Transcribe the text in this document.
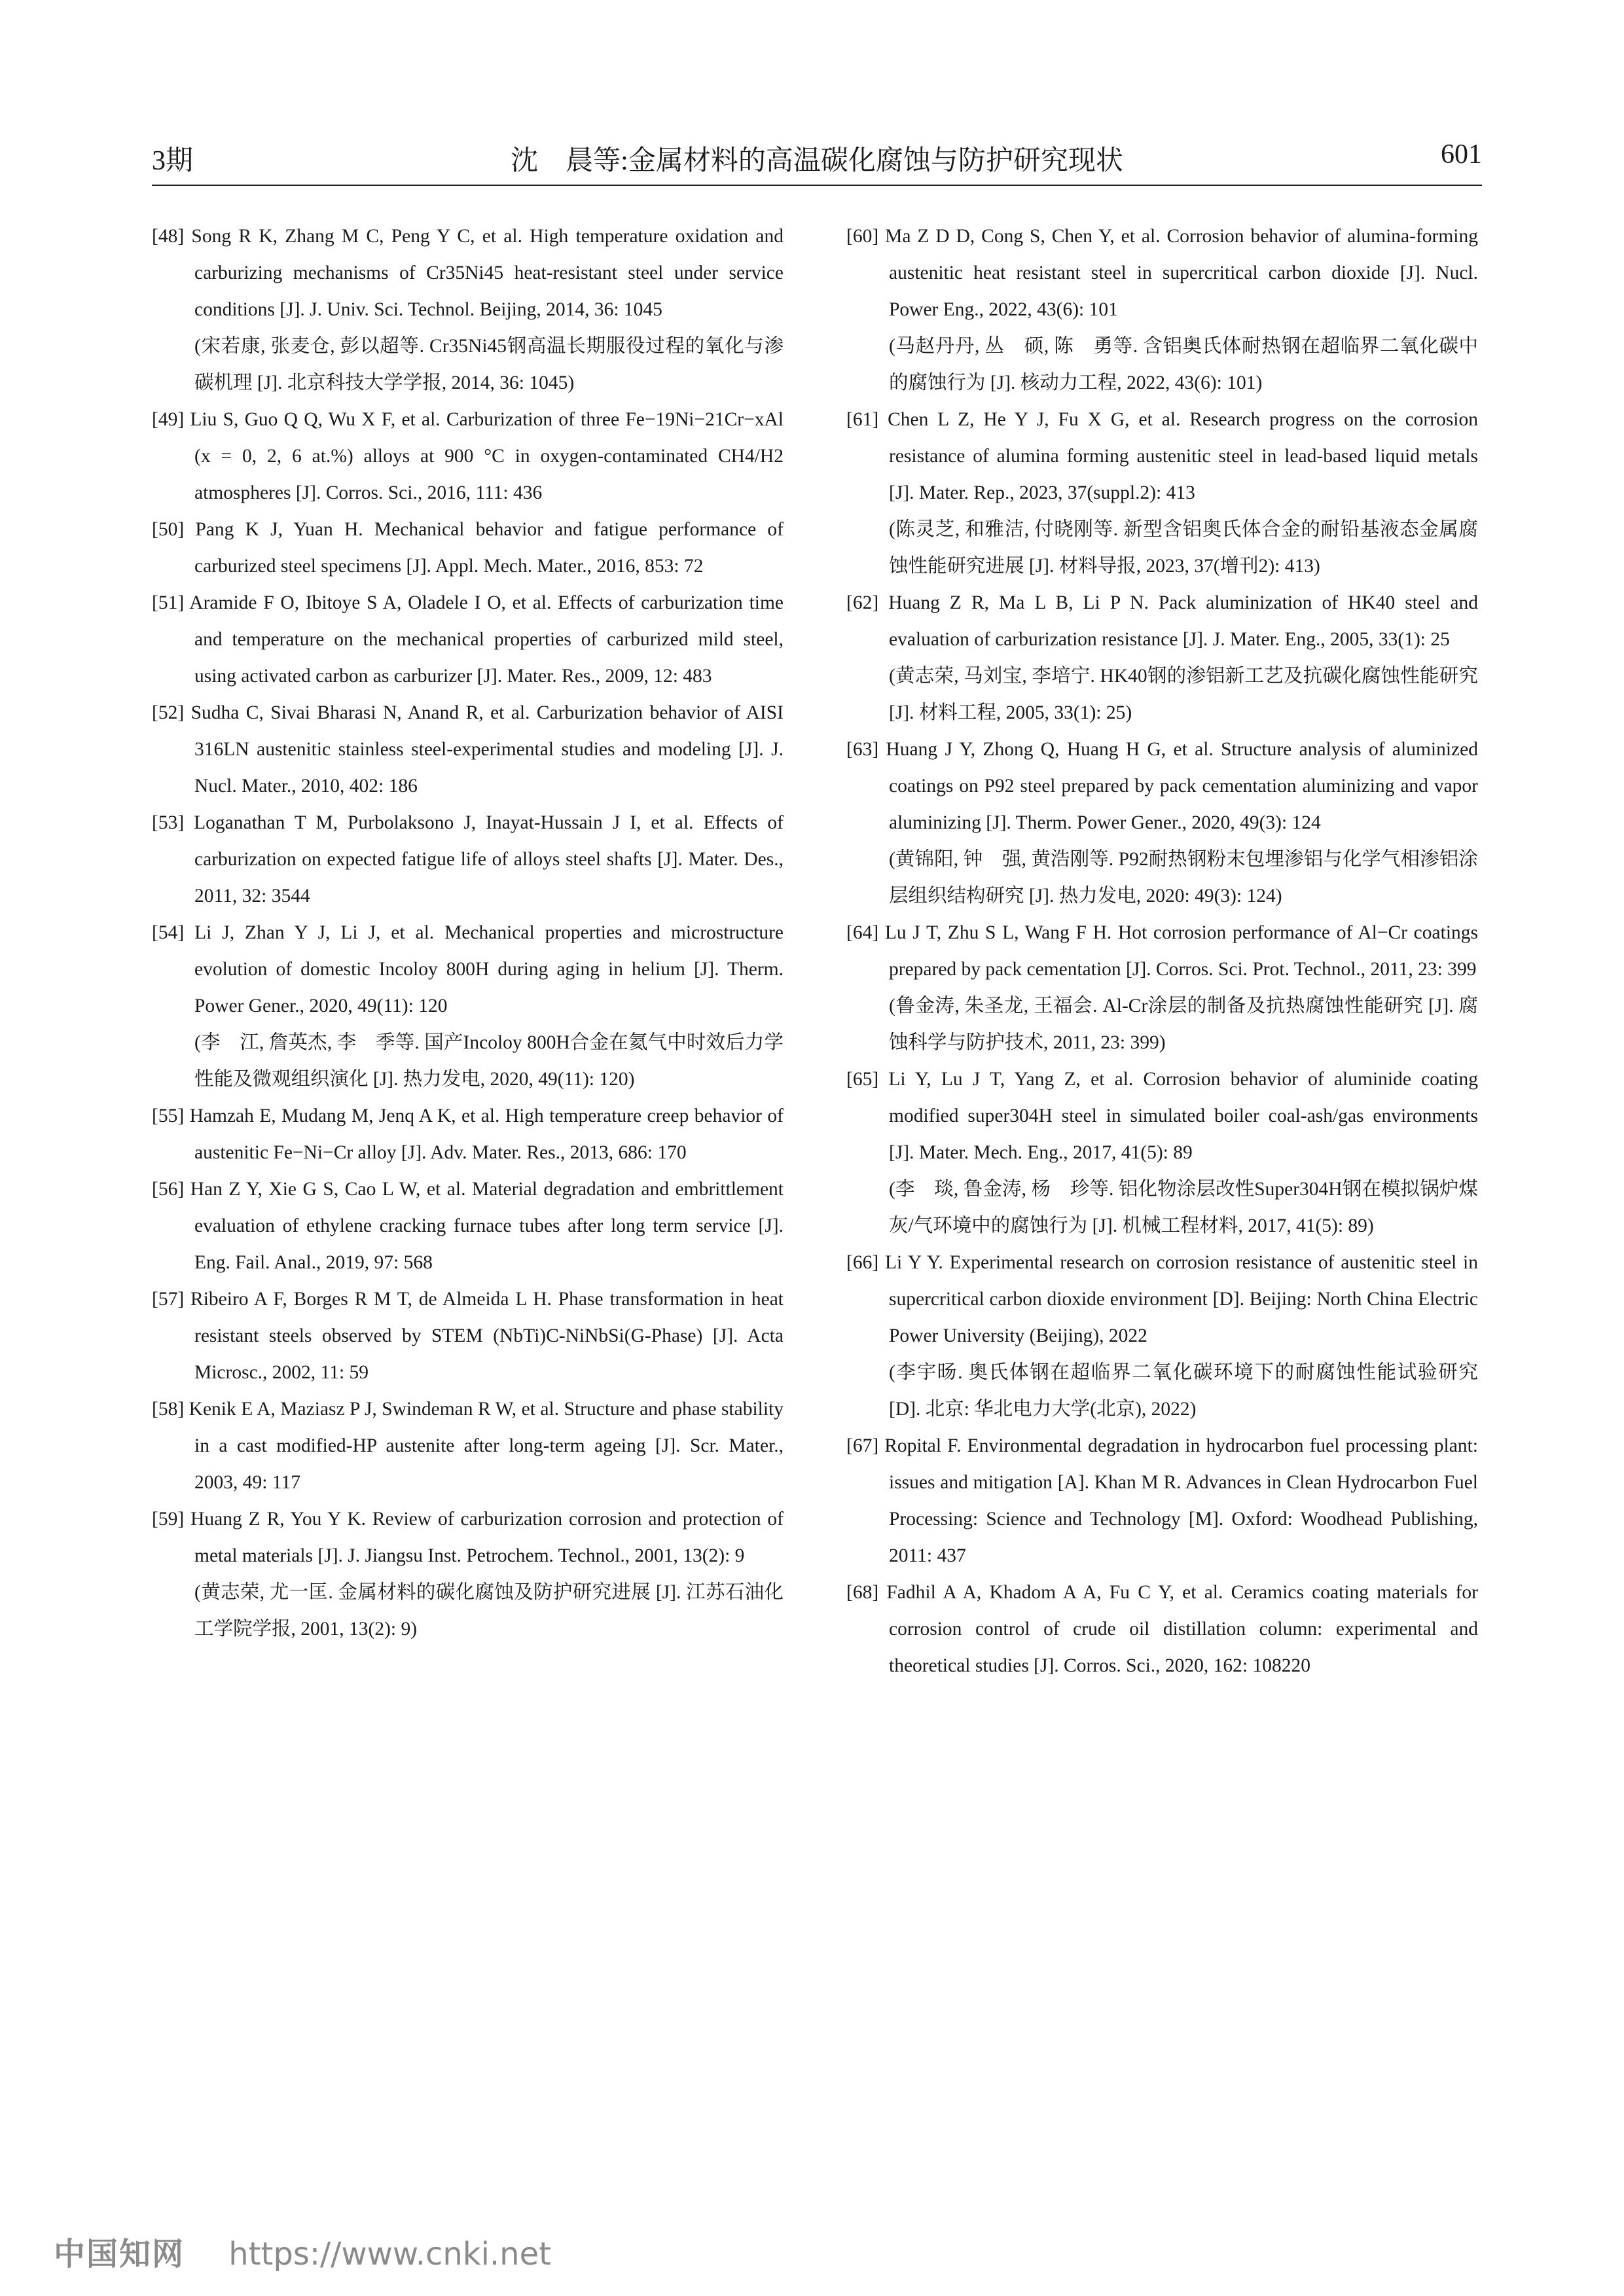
3期	沈　晨等:金属材料的高温碳化腐蚀与防护研究现状	601
[48] Song R K, Zhang M C, Peng Y C, et al. High temperature oxidation and carburizing mechanisms of Cr35Ni45 heat-resistant steel under service conditions [J]. J. Univ. Sci. Technol. Beijing, 2014, 36: 1045
(宋若康, 张麦仓, 彭以超等. Cr35Ni45钢高温长期服役过程的氧化与渗碳机理 [J]. 北京科技大学学报, 2014, 36: 1045)
[49] Liu S, Guo Q Q, Wu X F, et al. Carburization of three Fe−19Ni−21Cr−xAl (x = 0, 2, 6 at.%) alloys at 900 °C in oxygen-contaminated CH4/H2 atmospheres [J]. Corros. Sci., 2016, 111: 436
[50] Pang K J, Yuan H. Mechanical behavior and fatigue performance of carburized steel specimens [J]. Appl. Mech. Mater., 2016, 853: 72
[51] Aramide F O, Ibitoye S A, Oladele I O, et al. Effects of carburization time and temperature on the mechanical properties of carburized mild steel, using activated carbon as carburizer [J]. Mater. Res., 2009, 12: 483
[52] Sudha C, Sivai Bharasi N, Anand R, et al. Carburization behavior of AISI 316LN austenitic stainless steel-experimental studies and modeling [J]. J. Nucl. Mater., 2010, 402: 186
[53] Loganathan T M, Purbolaksono J, Inayat-Hussain J I, et al. Effects of carburization on expected fatigue life of alloys steel shafts [J]. Mater. Des., 2011, 32: 3544
[54] Li J, Zhan Y J, Li J, et al. Mechanical properties and microstructure evolution of domestic Incoloy 800H during aging in helium [J]. Therm. Power Gener., 2020, 49(11): 120
(李　江, 詹英杰, 李　季等. 国产Incoloy 800H合金在氦气中时效后力学性能及微观组织演化 [J]. 热力发电, 2020, 49(11): 120)
[55] Hamzah E, Mudang M, Jenq A K, et al. High temperature creep behavior of austenitic Fe−Ni−Cr alloy [J]. Adv. Mater. Res., 2013, 686: 170
[56] Han Z Y, Xie G S, Cao L W, et al. Material degradation and embrittlement evaluation of ethylene cracking furnace tubes after long term service [J]. Eng. Fail. Anal., 2019, 97: 568
[57] Ribeiro A F, Borges R M T, de Almeida L H. Phase transformation in heat resistant steels observed by STEM (NbTi)C-NiNbSi(G-Phase) [J]. Acta Microsc., 2002, 11: 59
[58] Kenik E A, Maziasz P J, Swindeman R W, et al. Structure and phase stability in a cast modified-HP austenite after long-term ageing [J]. Scr. Mater., 2003, 49: 117
[59] Huang Z R, You Y K. Review of carburization corrosion and protection of metal materials [J]. J. Jiangsu Inst. Petrochem. Technol., 2001, 13(2): 9
(黄志荣, 尤一匡. 金属材料的碳化腐蚀及防护研究进展 [J]. 江苏石油化工学院学报, 2001, 13(2): 9)
[60] Ma Z D D, Cong S, Chen Y, et al. Corrosion behavior of alumina-forming austenitic heat resistant steel in supercritical carbon dioxide [J]. Nucl. Power Eng., 2022, 43(6): 101
(马赵丹丹, 丛　硕, 陈　勇等. 含铝奥氏体耐热钢在超临界二氧化碳中的腐蚀行为 [J]. 核动力工程, 2022, 43(6): 101)
[61] Chen L Z, He Y J, Fu X G, et al. Research progress on the corrosion resistance of alumina forming austenitic steel in lead-based liquid metals [J]. Mater. Rep., 2023, 37(suppl.2): 413
(陈灵芝, 和雅洁, 付晓刚等. 新型含铝奥氏体合金的耐铅基液态金属腐蚀性能研究进展 [J]. 材料导报, 2023, 37(增刊2): 413)
[62] Huang Z R, Ma L B, Li P N. Pack aluminization of HK40 steel and evaluation of carburization resistance [J]. J. Mater. Eng., 2005, 33(1): 25
(黄志荣, 马刘宝, 李培宁. HK40钢的渗铝新工艺及抗碳化腐蚀性能研究 [J]. 材料工程, 2005, 33(1): 25)
[63] Huang J Y, Zhong Q, Huang H G, et al. Structure analysis of aluminized coatings on P92 steel prepared by pack cementation aluminizing and vapor aluminizing [J]. Therm. Power Gener., 2020, 49(3): 124
(黄锦阳, 钟　强, 黄浩刚等. P92耐热钢粉末包埋渗铝与化学气相渗铝涂层组织结构研究 [J]. 热力发电, 2020: 49(3): 124)
[64] Lu J T, Zhu S L, Wang F H. Hot corrosion performance of Al−Cr coatings prepared by pack cementation [J]. Corros. Sci. Prot. Technol., 2011, 23: 399
(鲁金涛, 朱圣龙, 王福会. Al-Cr涂层的制备及抗热腐蚀性能研究 [J]. 腐蚀科学与防护技术, 2011, 23: 399)
[65] Li Y, Lu J T, Yang Z, et al. Corrosion behavior of aluminide coating modified super304H steel in simulated boiler coal-ash/gas environments [J]. Mater. Mech. Eng., 2017, 41(5): 89
(李　琰, 鲁金涛, 杨　珍等. 铝化物涂层改性Super304H钢在模拟锅炉煤灰/气环境中的腐蚀行为 [J]. 机械工程材料, 2017, 41(5): 89)
[66] Li Y Y. Experimental research on corrosion resistance of austenitic steel in supercritical carbon dioxide environment [D]. Beijing: North China Electric Power University (Beijing), 2022
(李宇旸. 奥氏体钢在超临界二氧化碳环境下的耐腐蚀性能试验研究 [D]. 北京: 华北电力大学(北京), 2022)
[67] Ropital F. Environmental degradation in hydrocarbon fuel processing plant: issues and mitigation [A]. Khan M R. Advances in Clean Hydrocarbon Fuel Processing: Science and Technology [M]. Oxford: Woodhead Publishing, 2011: 437
[68] Fadhil A A, Khadom A A, Fu C Y, et al. Ceramics coating materials for corrosion control of crude oil distillation column: experimental and theoretical studies [J]. Corros. Sci., 2020, 162: 108220
中国知网 https://www.cnki.net
